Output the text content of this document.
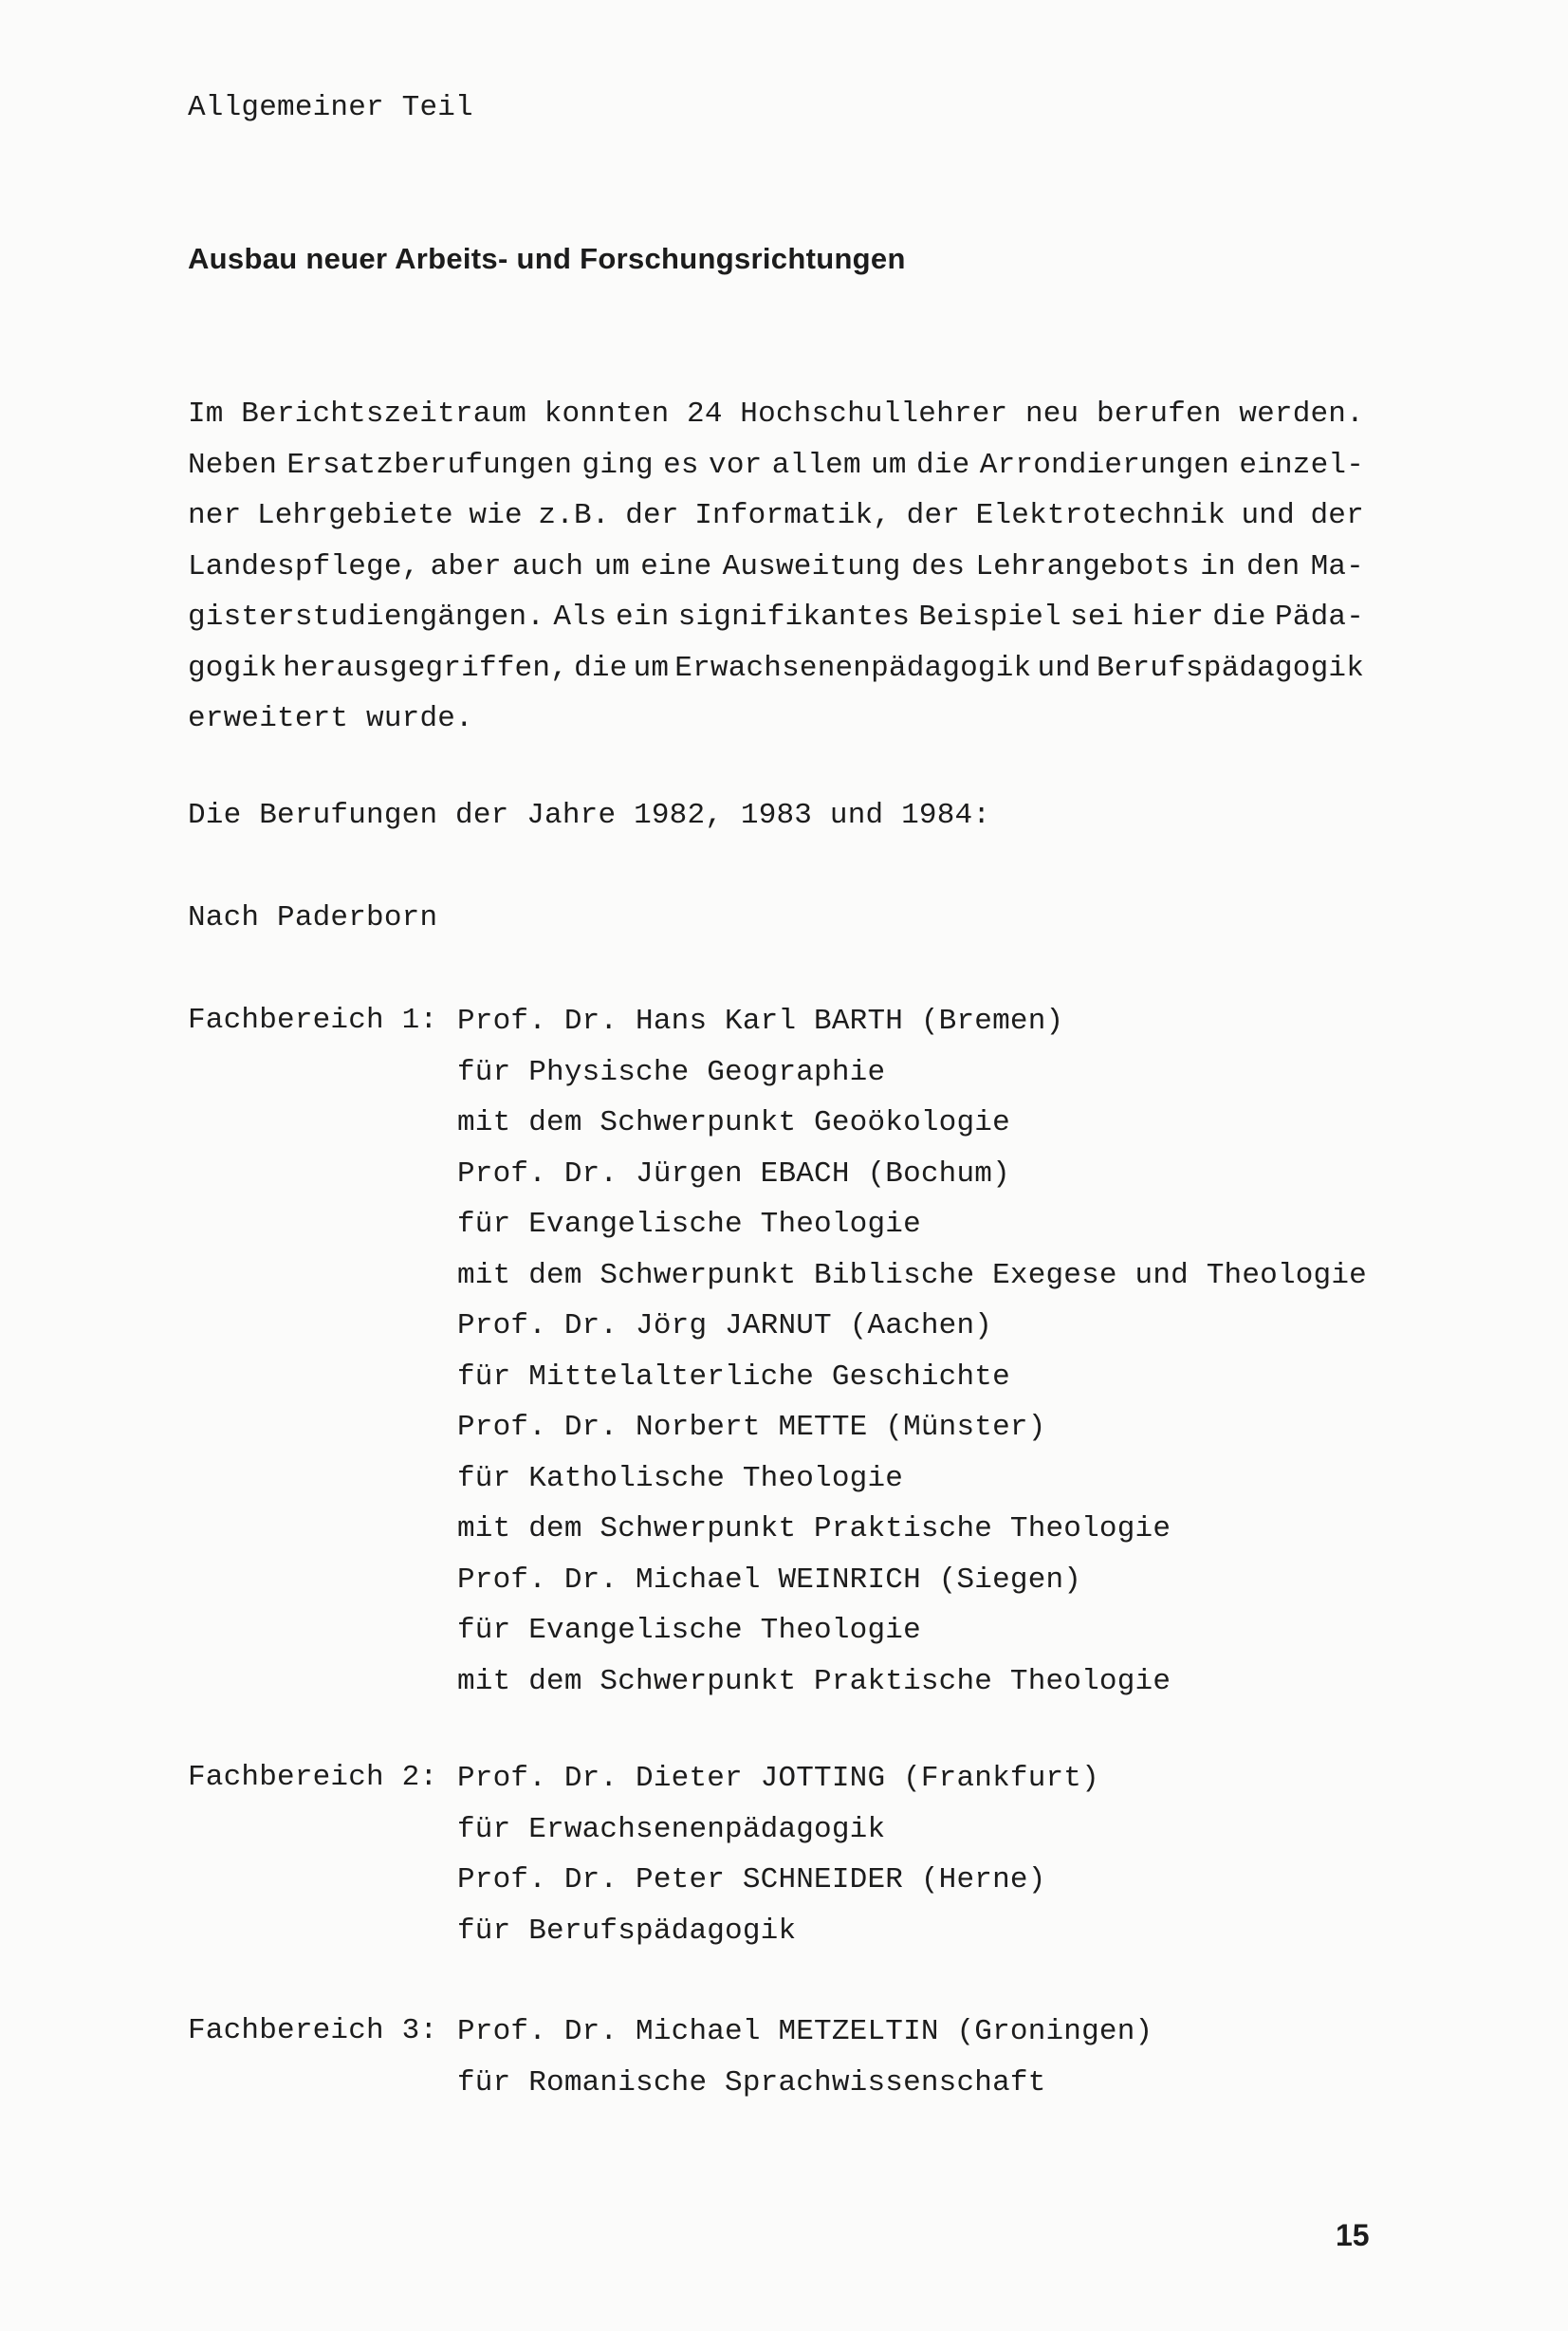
Allgemeiner Teil
Ausbau neuer Arbeits- und Forschungsrichtungen
Im Berichtszeitraum konnten 24 Hochschullehrer neu berufen werden.
Neben Ersatzberufungen ging es vor allem um die Arrondierungen einzel-
ner Lehrgebiete wie z.B. der Informatik, der Elektrotechnik und der
Landespflege, aber auch um eine Ausweitung des Lehrangebots in den Ma-
gisterstudiengängen. Als ein signifikantes Beispiel sei hier die Päda-
gogik herausgegriffen, die um Erwachsenenpädagogik und Berufspädagogik
erweitert wurde.
Die Berufungen der Jahre 1982, 1983 und 1984:
Nach Paderborn
Fachbereich 1: Prof. Dr. Hans Karl BARTH (Bremen)
für Physische Geographie
mit dem Schwerpunkt Geoökologie
Prof. Dr. Jürgen EBACH (Bochum)
für Evangelische Theologie
mit dem Schwerpunkt Biblische Exegese und Theologie
Prof. Dr. Jörg JARNUT (Aachen)
für Mittelalterliche Geschichte
Prof. Dr. Norbert METTE (Münster)
für Katholische Theologie
mit dem Schwerpunkt Praktische Theologie
Prof. Dr. Michael WEINRICH (Siegen)
für Evangelische Theologie
mit dem Schwerpunkt Praktische Theologie
Fachbereich 2: Prof. Dr. Dieter JOTTING (Frankfurt)
für Erwachsenenpädagogik
Prof. Dr. Peter SCHNEIDER (Herne)
für Berufspädagogik
Fachbereich 3: Prof. Dr. Michael METZELTIN (Groningen)
für Romanische Sprachwissenschaft
15
